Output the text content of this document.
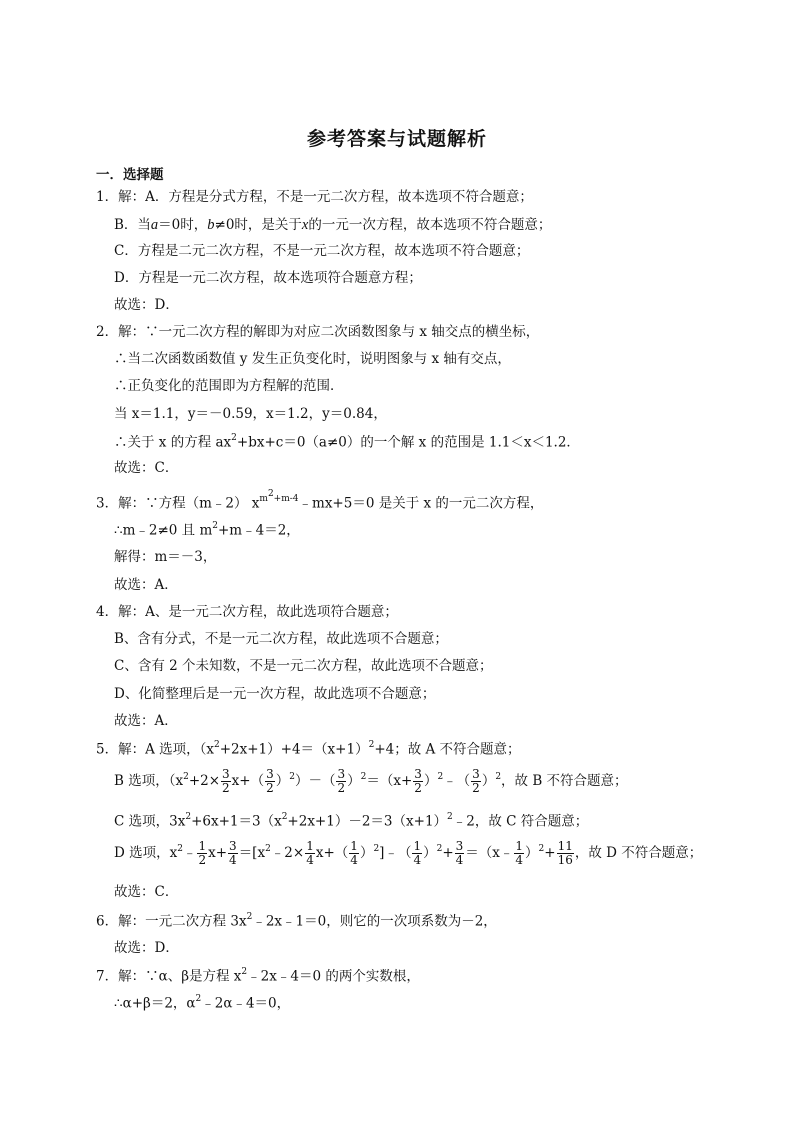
参考答案与试题解析
一．选择题
1．解：A．方程是分式方程，不是一元二次方程，故本选项不符合题意；
B．当a＝0时，b≠0时，是关于x的一元一次方程，故本选项不符合题意；
C．方程是二元二次方程，不是一元二次方程，故本选项不符合题意；
D．方程是一元二次方程，故本选项符合题意方程；
故选：D．
2．解：∵一元二次方程的解即为对应二次函数图象与 x 轴交点的横坐标，
∴当二次函数函数值 y 发生正负变化时，说明图象与 x 轴有交点，
∴正负变化的范围即为方程解的范围．
当 x＝1.1，y＝－0.59，x＝1.2，y＝0.84，
∴关于 x 的方程 $ax^2+bx+c=0(a\ne 0)$的一个解 x 的范围是 1.1＜x＜1.2．
故选：C．
3．解：∵方程（m﹣2） $x^{m^2+m-4}﹣mx+5=0$ 是关于 x 的一元二次方程，
∴m﹣2≠0 且 $m^2+m﹣4=2$，
解得：m＝－3，
故选：A．
4．解：A、是一元二次方程，故此选项符合题意；
B、含有分式，不是一元二次方程，故此选项不合题意；
C、含有 2 个未知数，不是一元二次方程，故此选项不合题意；
D、化简整理后是一元一次方程，故此选项不合题意；
故选：A．
5．解：A 选项，$(x^2+2x+1)+4=(x+1)^2+4$；故 A 不符合题意；
B 选项，$(x^2+2\times \frac{3}{2} x+( \frac{3}{2} )^2)-( \frac{3}{2} )^2=(x+ \frac{3}{2}$ ）$^2﹣( \frac{3}{2} )^2$，故 B 不符合题意；
C 选项，$3x^2+6x+1=3(x^2+2x+1)-2=3(x+1)^2﹣2$，故 C 符合题意；
D 选项，$x^2﹣ \frac{1}{2} x+ \frac{3}{4}$ $=[x^2﹣2\times \frac{1}{4} x+( \frac{1}{4}$ ）$^2]﹣( \frac{1}{4} )^2+ \frac{3}{4}$ ＝（x﹣ $\frac{1}{4} )^2+ \frac{11}{16}$ ，故 D 不符合题意；
故选：C．
6．解：一元二次方程 $3x^2﹣2x﹣1=0$，则它的一次项系数为－2，
故选：D．
7．解：∵α、β是方程 $x^2﹣2x﹣4=0$ 的两个实数根，
∴α+β＝2，$\alpha^2﹣2\alpha﹣4=0$，
